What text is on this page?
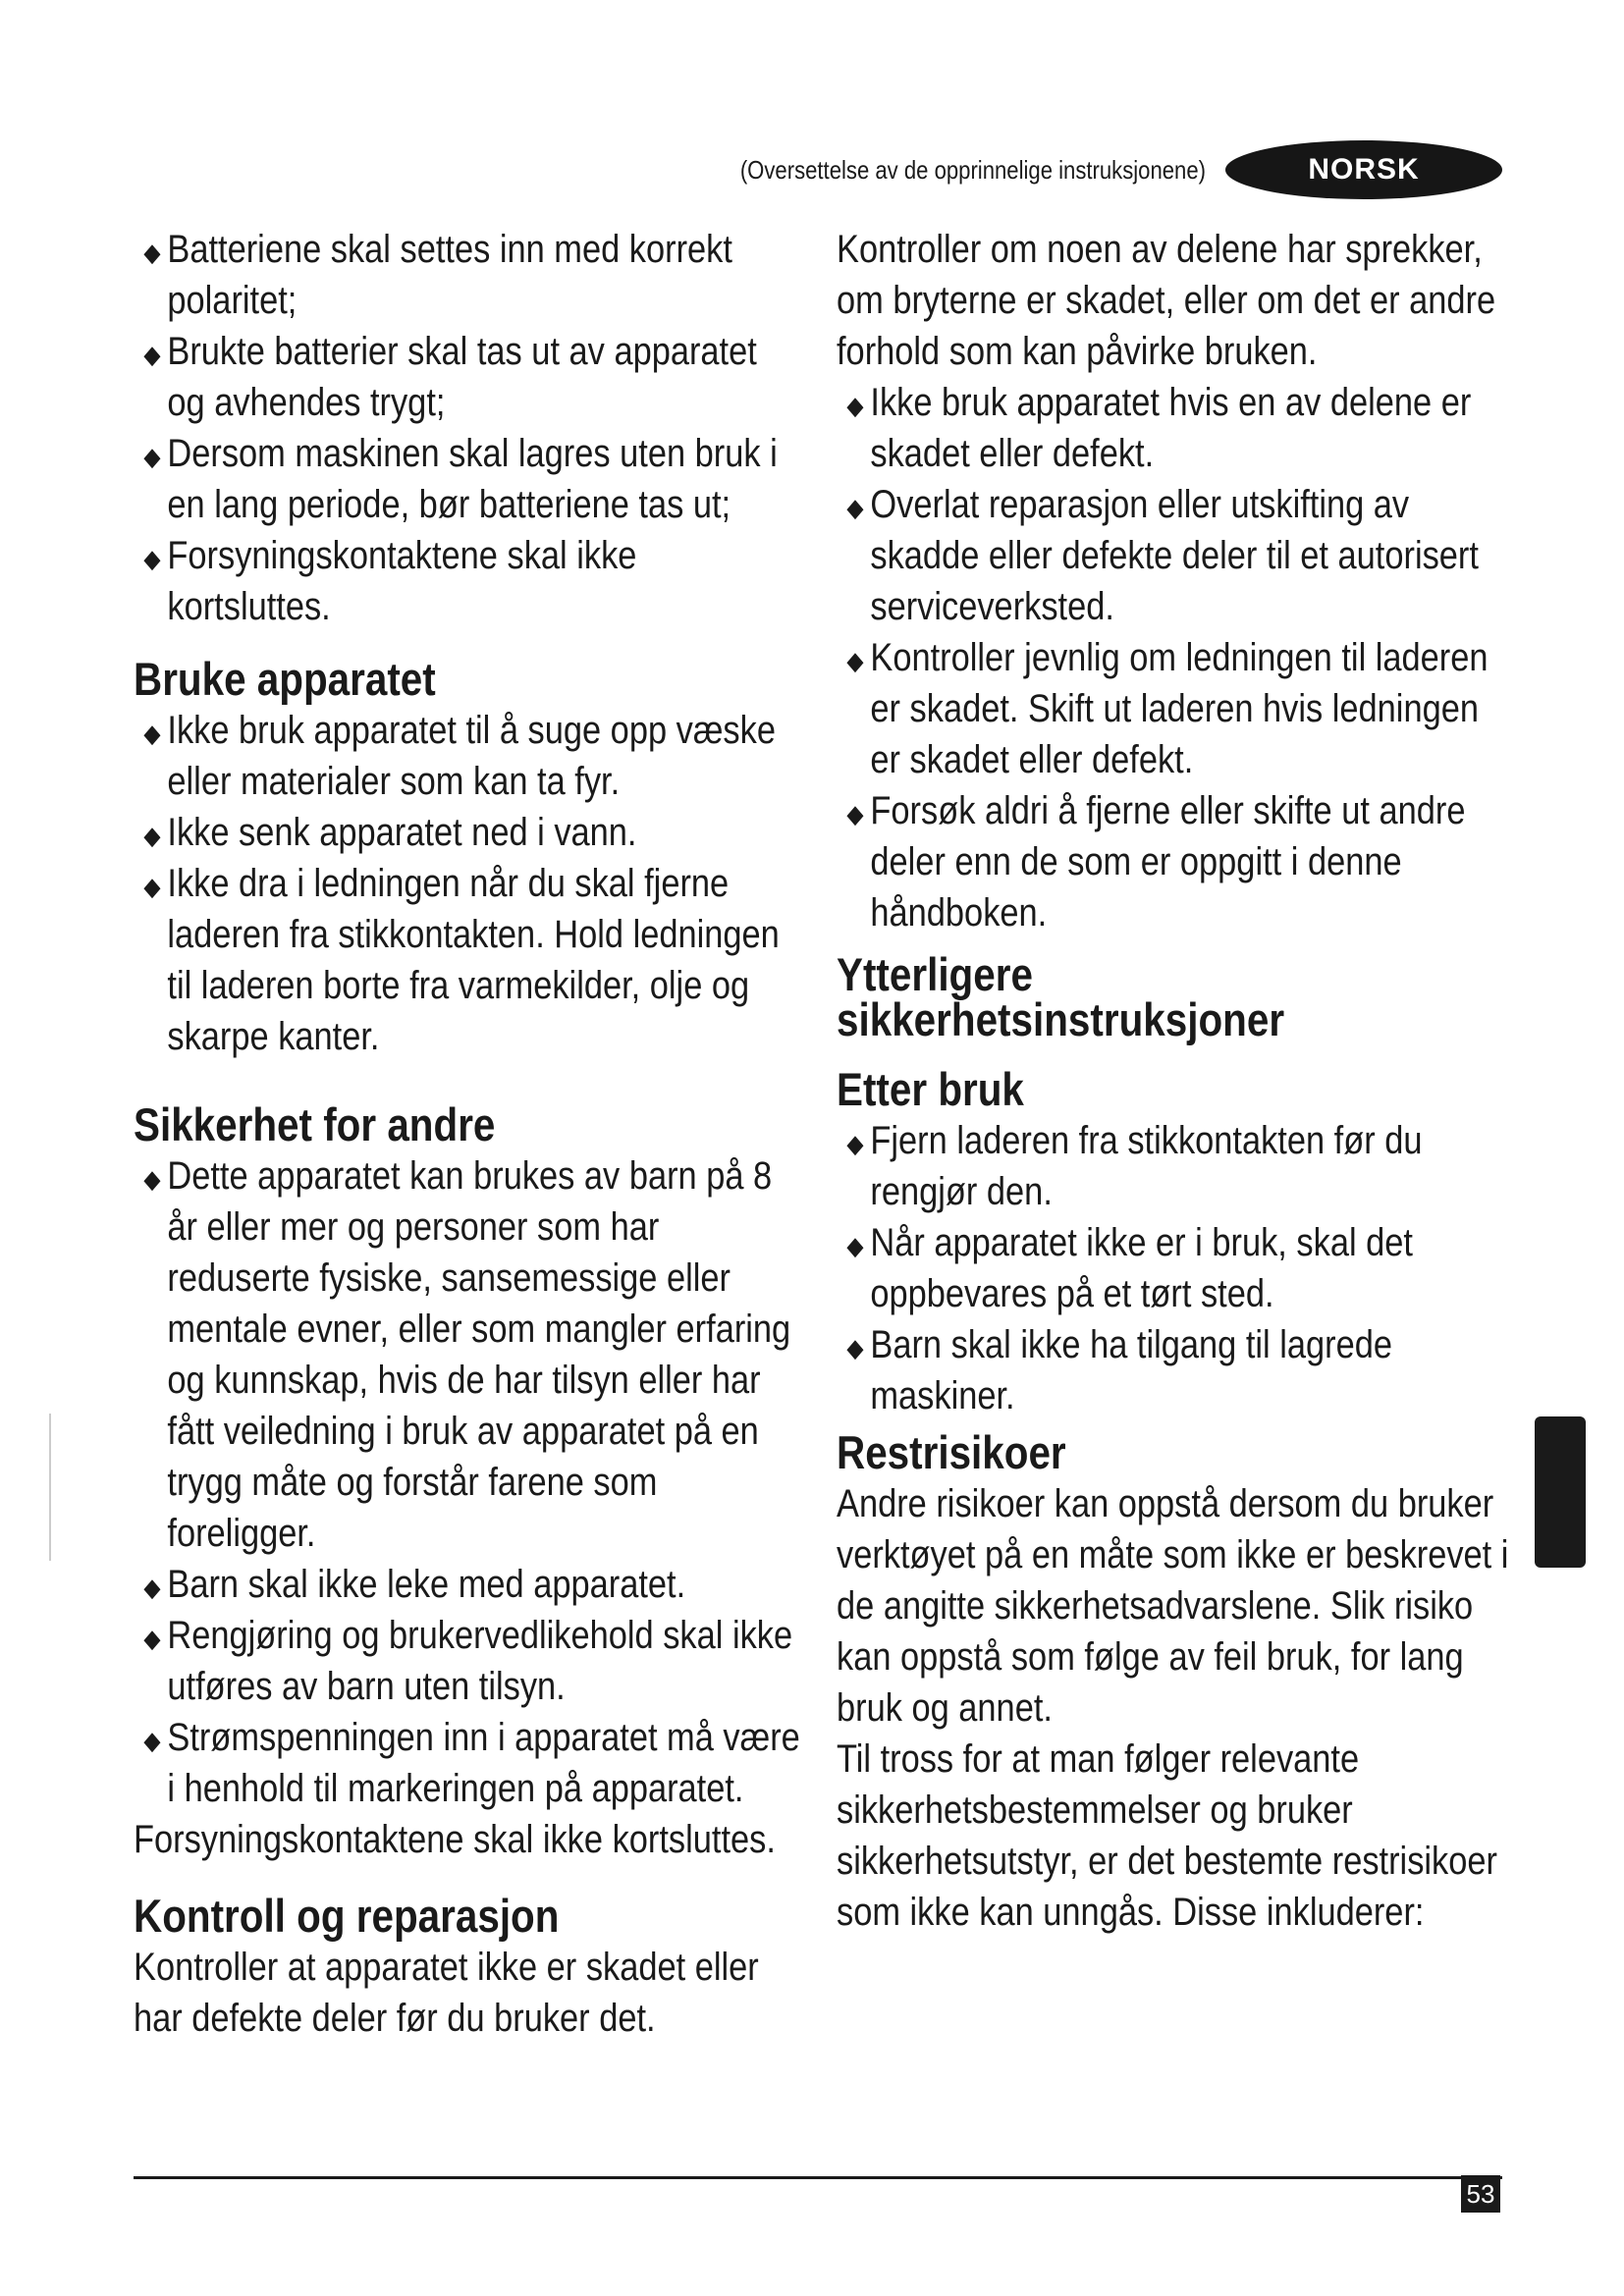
(Oversettelse av de opprinnelige instruksjonene)	NORSK
◆ Batteriene skal settes inn med korrekt polaritet;
◆ Brukte batterier skal tas ut av apparatet og avhendes trygt;
◆ Dersom maskinen skal lagres uten bruk i en lang periode, bør batteriene tas ut;
◆ Forsyningskontaktene skal ikke kortsluttes.
Bruke apparatet
◆ Ikke bruk apparatet til å suge opp væske eller materialer som kan ta fyr.
◆ Ikke senk apparatet ned i vann.
◆ Ikke dra i ledningen når du skal fjerne laderen fra stikkontakten. Hold ledningen til laderen borte fra varmekilder, olje og skarpe kanter.
Sikkerhet for andre
◆ Dette apparatet kan brukes av barn på 8 år eller mer og personer som har reduserte fysiske, sansemessige eller mentale evner, eller som mangler erfaring og kunnskap, hvis de har tilsyn eller har fått veiledning i bruk av apparatet på en trygg måte og forstår farene som foreligger.
◆ Barn skal ikke leke med apparatet.
◆ Rengjøring og brukervedlikehold skal ikke utføres av barn uten tilsyn.
◆ Strømspenningen inn i apparatet må være i henhold til markeringen på apparatet.

Forsyningskontaktene skal ikke kortsluttes.

Kontroll og reparasjon

Kontroller at apparatet ikke er skadet eller har defekte deler før du bruker det.

Kontroller om noen av delene har sprekker, om bryterne er skadet, eller om det er andre forhold som kan påvirke bruken.

◆ Ikke bruk apparatet hvis en av delene er skadet eller defekt.
◆ Overlat reparasjon eller utskifting av skadde eller defekte deler til et autorisert serviceverksted.
◆ Kontroller jevnlig om ledningen til laderen er skadet. Skift ut laderen hvis ledningen er skadet eller defekt.
◆ Forsøk aldri å fjerne eller skifte ut andre deler enn de som er oppgitt i denne håndboken.
Ytterligere
sikkerhetsinstruksjoner
Etter bruk
◆ Fjern laderen fra stikkontakten før du rengjør den.
◆ Når apparatet ikke er i bruk, skal det oppbevares på et tørt sted.
◆ Barn skal ikke ha tilgang til lagrede maskiner.
Restrisikoer

Andre risikoer kan oppstå dersom du bruker verktøyet på en måte som ikke er beskrevet i de angitte sikkerhetsadvarslene. Slik risiko kan oppstå som følge av feil bruk, for lang bruk og annet.

Til tross for at man følger relevante sikkerhetsbestemmelser og bruker sikkerhetsutstyr, er det bestemte restrisikoer som ikke kan unngås. Disse inkluderer:

53
